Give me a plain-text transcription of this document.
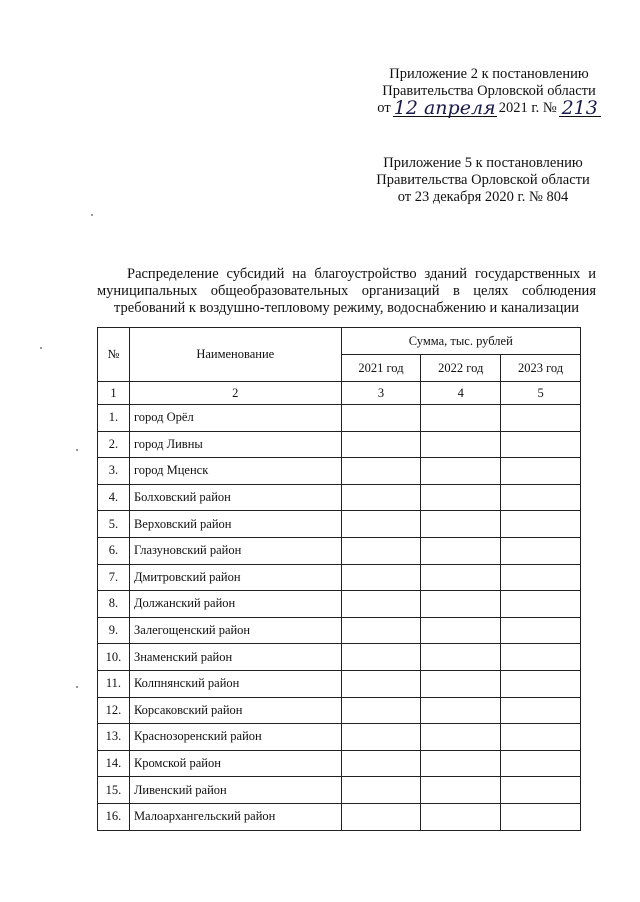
Приложение 2 к постановлению
Правительства Орловской области
от 12 апреля 2021 г. № 213
Приложение 5 к постановлению
Правительства Орловской области
от 23 декабря 2020 г. № 804

Распределение субсидий на благоустройство зданий государственных и муниципальных общеобразовательных организаций в целях соблюдения требований к воздушно-тепловому режиму, водоснабжению и канализации

№	Наименование	Сумма, тыс. рублей		
		2021 год	2022 год	2023 год
1	2	3	4	5
1.	город Орёл			
2.	город Ливны			
3.	город Мценск			
4.	Болховский район			
5.	Верховский район			
6.	Глазуновский район			
7.	Дмитровский район			
8.	Должанский район			
9.	Залегощенский район			
10.	Знаменский район			
11.	Колпнянский район			
12.	Корсаковский район			
13.	Краснозоренский район			
14.	Кромской район			
15.	Ливенский район			
16.	Малоархангельский район			
